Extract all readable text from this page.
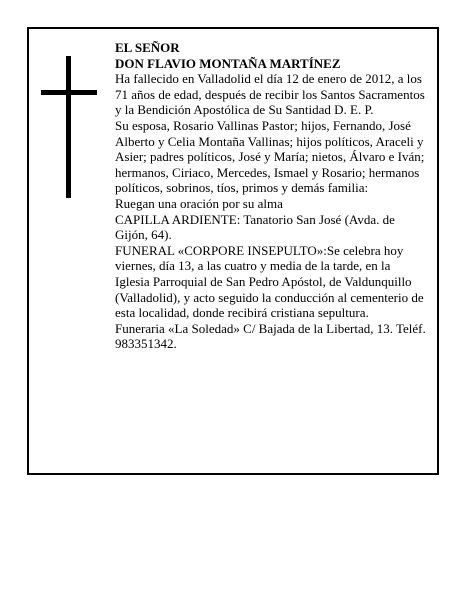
EL SEÑOR

DON FLAVIO MONTAÑA MARTÍNEZ

Ha fallecido en Valladolid el día 12 de enero de 2012, a los 71 años de edad, después de recibir los Santos Sacramentos y la Bendición Apostólica de Su Santidad D. E. P.

Su esposa, Rosario Vallinas Pastor; hijos, Fernando, José Alberto y Celia Montaña Vallinas; hijos políticos, Araceli y Asier; padres políticos, José y María; nietos, Álvaro e Iván; hermanos, Ciriaco, Mercedes, Ismael y Rosario; hermanos políticos, sobrinos, tíos, primos y demás familia:

Ruegan una oración por su alma

CAPILLA ARDIENTE: Tanatorio San José (Avda. de Gijón, 64).

FUNERAL «CORPORE INSEPULTO»:Se celebra hoy viernes, día 13, a las cuatro y media de la tarde, en la Iglesia Parroquial de San Pedro Apóstol, de Valdunquillo (Valladolid), y acto seguido la conducción al cementerio de esta localidad, donde recibirá cristiana sepultura.

Funeraria «La Soledad» C/ Bajada de la Libertad, 13. Teléf. 983351342.
